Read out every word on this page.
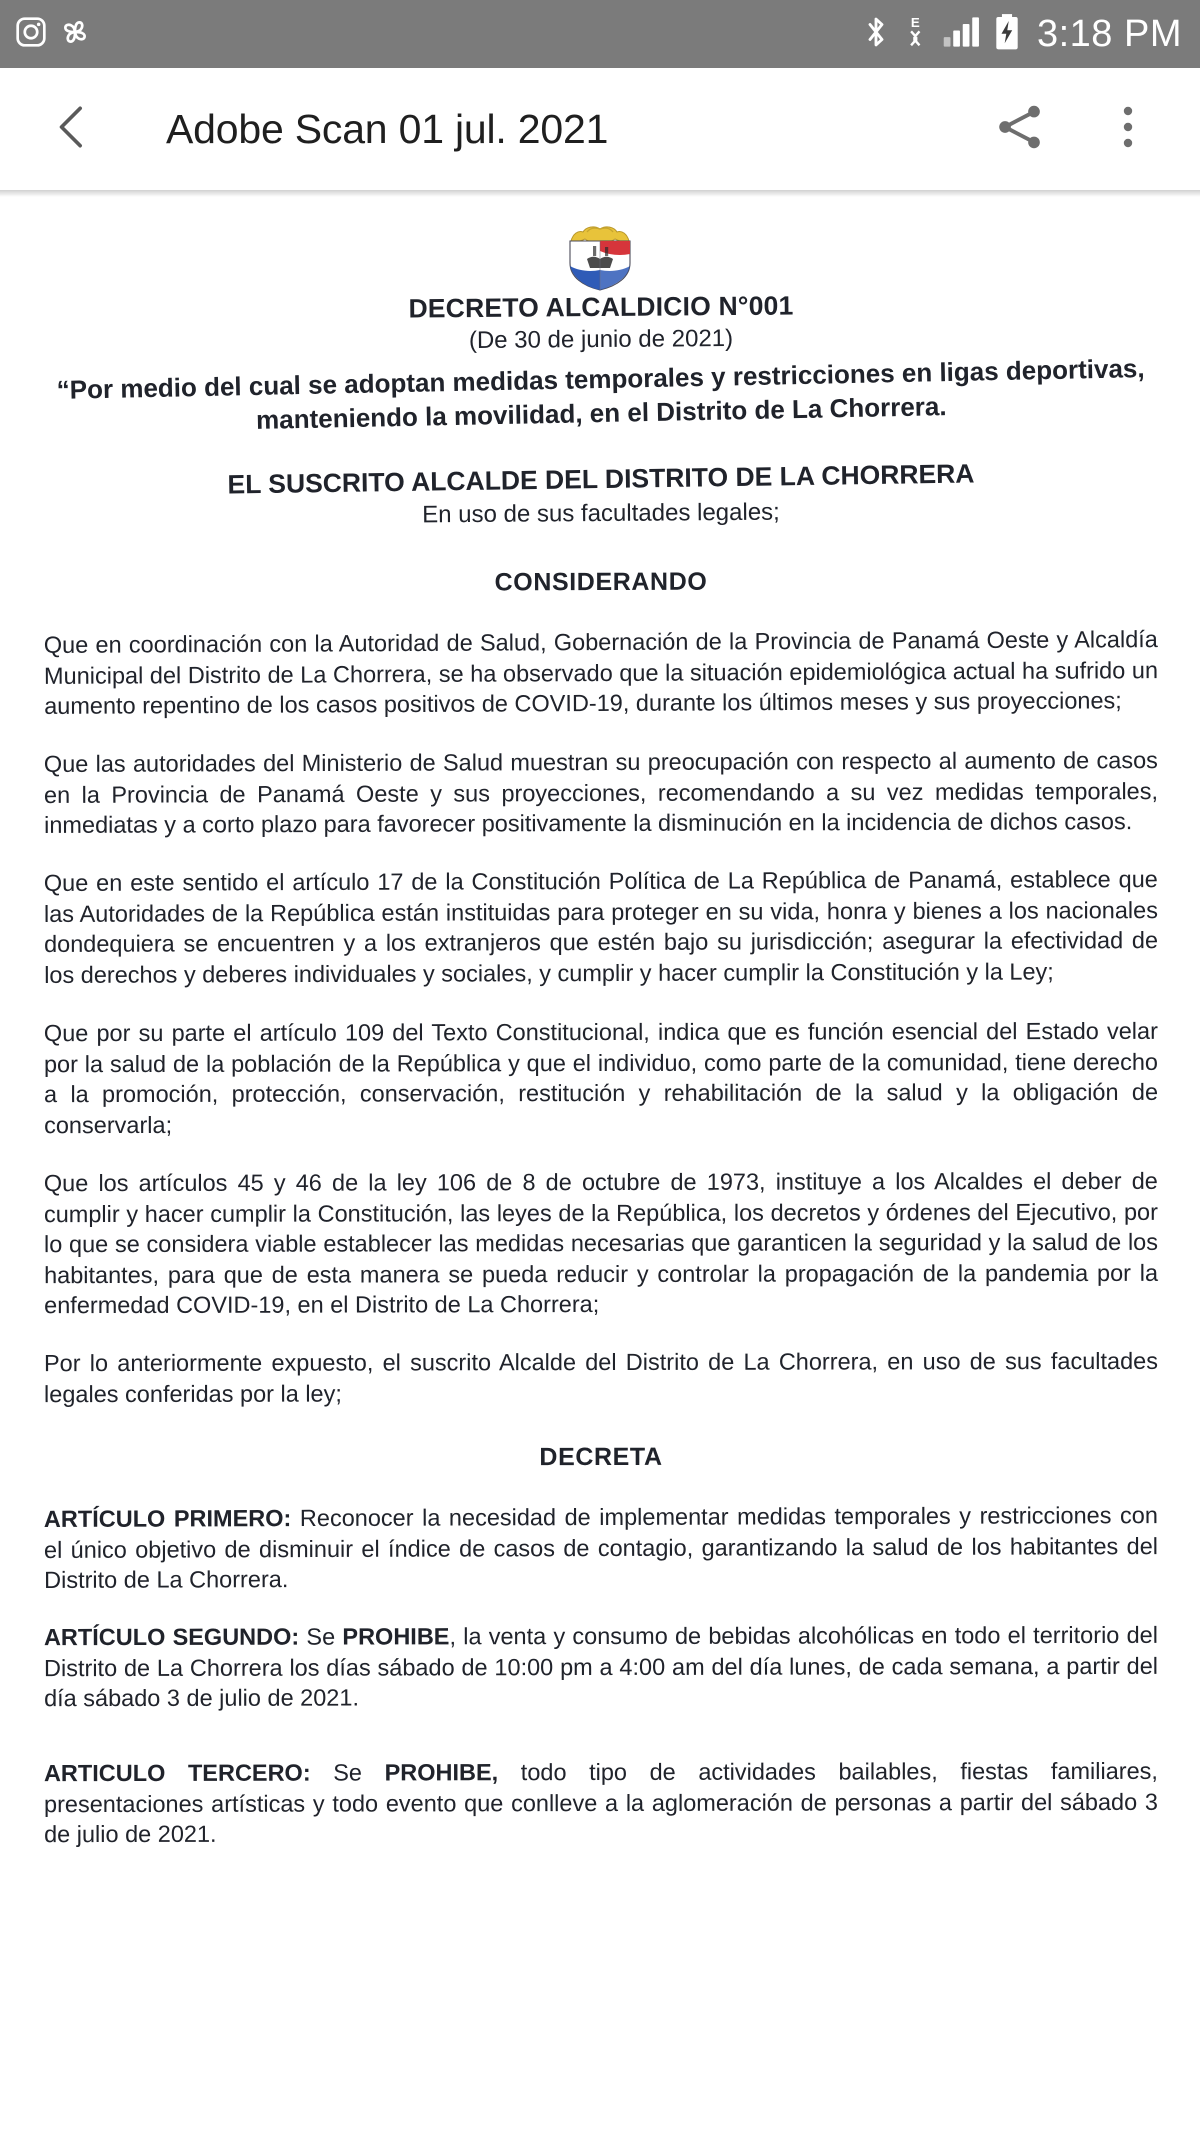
E	3:18 PM
Adobe Scan 01 jul. 2021
DECRETO ALCALDICIO N°001
(De 30 de junio de 2021)
“Por medio del cual se adoptan medidas temporales y restricciones en ligas deportivas, manteniendo la movilidad, en el Distrito de La Chorrera.
EL SUSCRITO ALCALDE DEL DISTRITO DE LA CHORRERA
En uso de sus facultades legales;
CONSIDERANDO
Que en coordinación con la Autoridad de Salud, Gobernación de la Provincia de Panamá Oeste y Alcaldía Municipal del Distrito de La Chorrera, se ha observado que la situación epidemiológica actual ha sufrido un aumento repentino de los casos positivos de COVID-19, durante los últimos meses y sus proyecciones;
Que las autoridades del Ministerio de Salud muestran su preocupación con respecto al aumento de casos en la Provincia de Panamá Oeste y sus proyecciones, recomendando a su vez medidas temporales, inmediatas y a corto plazo para favorecer positivamente la disminución en la incidencia de dichos casos.
Que en este sentido el artículo 17 de la Constitución Política de La República de Panamá, establece que las Autoridades de la República están instituidas para proteger en su vida, honra y bienes a los nacionales dondequiera se encuentren y a los extranjeros que estén bajo su jurisdicción; asegurar la efectividad de los derechos y deberes individuales y sociales, y cumplir y hacer cumplir la Constitución y la Ley;
Que por su parte el artículo 109 del Texto Constitucional, indica que es función esencial del Estado velar por la salud de la población de la República y que el individuo, como parte de la comunidad, tiene derecho a la promoción, protección, conservación, restitución y rehabilitación de la salud y la obligación de conservarla;
Que los artículos 45 y 46 de la ley 106 de 8 de octubre de 1973, instituye a los Alcaldes el deber de cumplir y hacer cumplir la Constitución, las leyes de la República, los decretos y órdenes del Ejecutivo, por lo que se considera viable establecer las medidas necesarias que garanticen la seguridad y la salud de los habitantes, para que de esta manera se pueda reducir y controlar la propagación de la pandemia por la enfermedad COVID-19, en el Distrito de La Chorrera;
Por lo anteriormente expuesto, el suscrito Alcalde del Distrito de La Chorrera, en uso de sus facultades legales conferidas por la ley;
DECRETA
ARTÍCULO PRIMERO: Reconocer la necesidad de implementar medidas temporales y restricciones con el único objetivo de disminuir el índice de casos de contagio, garantizando la salud de los habitantes del Distrito de La Chorrera.
ARTÍCULO SEGUNDO: Se PROHIBE, la venta y consumo de bebidas alcohólicas en todo el territorio del Distrito de La Chorrera los días sábado de 10:00 pm a 4:00 am del día lunes, de cada semana, a partir del día sábado 3 de julio de 2021.
ARTICULO TERCERO: Se PROHIBE, todo tipo de actividades bailables, fiestas familiares, presentaciones artísticas y todo evento que conlleve a la aglomeración de personas a partir del sábado 3 de julio de 2021.
